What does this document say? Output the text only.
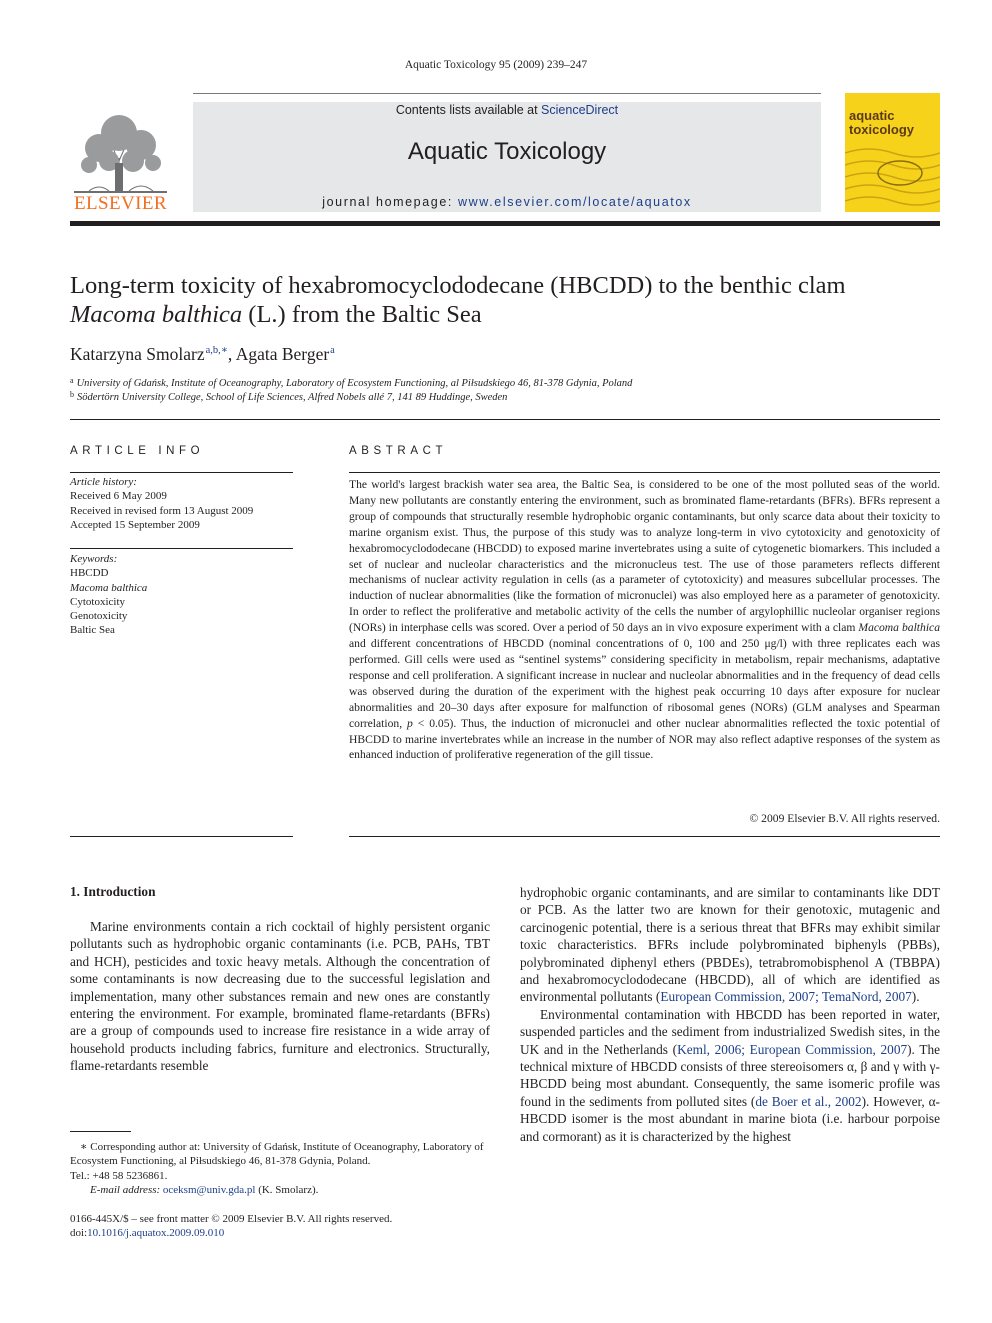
Aquatic Toxicology 95 (2009) 239–247
ELSEVIER
Contents lists available at ScienceDirect
Aquatic Toxicology
journal homepage: www.elsevier.com/locate/aquatox
aquatic
toxicology
Long-term toxicity of hexabromocyclododecane (HBCDD) to the benthic clam
Macoma balthica (L.) from the Baltic Sea
Katarzyna Smolarz$^{a,b,∗}$, Agata Berger$^a$
$^a$ University of Gdańsk, Institute of Oceanography, Laboratory of Ecosystem Functioning, al Piłsudskiego 46, 81-378 Gdynia, Poland
$^b$ Södertörn University College, School of Life Sciences, Alfred Nobels allé 7, 141 89 Huddinge, Sweden
ARTICLE INFO
Article history:
Received 6 May 2009
Received in revised form 13 August 2009
Accepted 15 September 2009
Keywords:
HBCDD
Macoma balthica
Cytotoxicity
Genotoxicity
Baltic Sea
ABSTRACT

The world's largest brackish water sea area, the Baltic Sea, is considered to be one of the most polluted seas of the world. Many new pollutants are constantly entering the environment, such as brominated flame-retardants (BFRs). BFRs represent a group of compounds that structurally resemble hydrophobic organic contaminants, but only scarce data about their toxicity to marine organism exist. Thus, the purpose of this study was to analyze long-term in vivo cytotoxicity and genotoxicity of hexabromocyclododecane (HBCDD) to exposed marine invertebrates using a suite of cytogenetic biomarkers. This included a set of nuclear and nucleolar characteristics and the micronucleus test. The use of those parameters reflects different mechanisms of nuclear activity regulation in cells (as a parameter of cytotoxicity) and measures subcellular processes. The induction of nuclear abnormalities (like the formation of micronuclei) was also employed here as a parameter of genotoxicity. In order to reflect the proliferative and metabolic activity of the cells the number of argylophillic nucleolar organiser regions (NORs) in interphase cells was scored. Over a period of 50 days an in vivo exposure experiment with a clam Macoma balthica and different concentrations of HBCDD (nominal concentrations of 0, 100 and 250 μg/l) with three replicates each was performed. Gill cells were used as “sentinel systems” considering specificity in metabolism, repair mechanisms, adaptative response and cell proliferation. A significant increase in nuclear and nucleolar abnormalities and in the frequency of dead cells was observed during the duration of the experiment with the highest peak occurring 10 days after exposure for nuclear abnormalities and 20–30 days after exposure for malfunction of ribosomal genes (NORs) (GLM analyses and Spearman correlation, p < 0.05). Thus, the induction of micronuclei and other nuclear abnormalities reflected the toxic potential of HBCDD to marine invertebrates while an increase in the number of NOR may also reflect adaptive responses of the system as enhanced induction of proliferative regeneration of the gill tissue.

© 2009 Elsevier B.V. All rights reserved.
1. Introduction

Marine environments contain a rich cocktail of highly persistent organic pollutants such as hydrophobic organic contaminants (i.e. PCB, PAHs, TBT and HCH), pesticides and toxic heavy metals. Although the concentration of some contaminants is now decreasing due to the successful legislation and implementation, many other substances remain and new ones are constantly entering the environment. For example, brominated flame-retardants (BFRs) are a group of compounds used to increase fire resistance in a wide array of household products including fabrics, furniture and electronics. Structurally, flame-retardants resemble

hydrophobic organic contaminants, and are similar to contaminants like DDT or PCB. As the latter two are known for their genotoxic, mutagenic and carcinogenic potential, there is a serious threat that BFRs may exhibit similar toxic characteristics. BFRs include polybrominated biphenyls (PBBs), polybrominated diphenyl ethers (PBDEs), tetrabromobisphenol A (TBBPA) and hexabromocyclododecane (HBCDD), all of which are identified as environmental pollutants (European Commission, 2007; TemaNord, 2007).

Environmental contamination with HBCDD has been reported in water, suspended particles and the sediment from industrialized Swedish sites, in the UK and in the Netherlands (Keml, 2006; European Commission, 2007). The technical mixture of HBCDD consists of three stereoisomers α, β and γ with γ-HBCDD being most abundant. Consequently, the same isomeric profile was found in the sediments from polluted sites (de Boer et al., 2002). However, α-HBCDD isomer is the most abundant in marine biota (i.e. harbour porpoise and cormorant) as it is characterized by the highest

∗ Corresponding author at: University of Gdańsk, Institute of Oceanography, Laboratory of Ecosystem Functioning, al Piłsudskiego 46, 81-378 Gdynia, Poland.

Tel.: +48 58 5236861.

E-mail address: oceksm@univ.gda.pl (K. Smolarz).

0166-445X/$ – see front matter © 2009 Elsevier B.V. All rights reserved.
doi:10.1016/j.aquatox.2009.09.010
